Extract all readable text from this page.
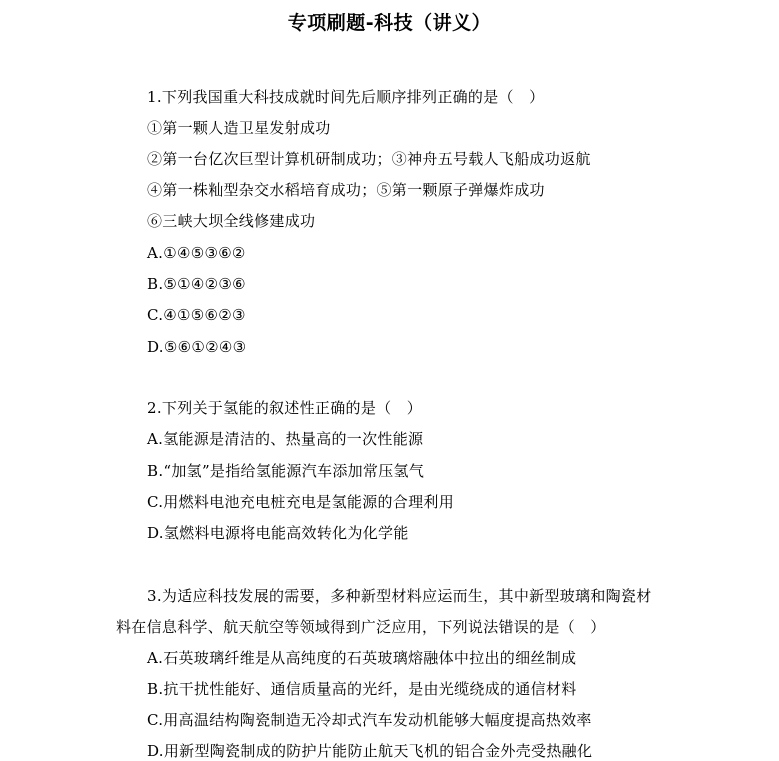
专项刷题-科技（讲义）
1.下列我国重大科技成就时间先后顺序排列正确的是（　）
①第一颗人造卫星发射成功
②第一台亿次巨型计算机研制成功；③神舟五号载人飞船成功返航
④第一株籼型杂交水稻培育成功；⑤第一颗原子弹爆炸成功
⑥三峡大坝全线修建成功
A.①④⑤③⑥②
B.⑤①④②③⑥
C.④①⑤⑥②③
D.⑤⑥①②④③
2.下列关于氢能的叙述性正确的是（　）
A.氢能源是清洁的、热量高的一次性能源
B.“加氢”是指给氢能源汽车添加常压氢气
C.用燃料电池充电桩充电是氢能源的合理利用
D.氢燃料电源将电能高效转化为化学能
3.为适应科技发展的需要，多种新型材料应运而生，其中新型玻璃和陶瓷材
料在信息科学、航天航空等领域得到广泛应用，下列说法错误的是（　）
A.石英玻璃纤维是从高纯度的石英玻璃熔融体中拉出的细丝制成
B.抗干扰性能好、通信质量高的光纤，是由光缆绕成的通信材料
C.用高温结构陶瓷制造无冷却式汽车发动机能够大幅度提高热效率
D.用新型陶瓷制成的防护片能防止航天飞机的铝合金外壳受热融化
